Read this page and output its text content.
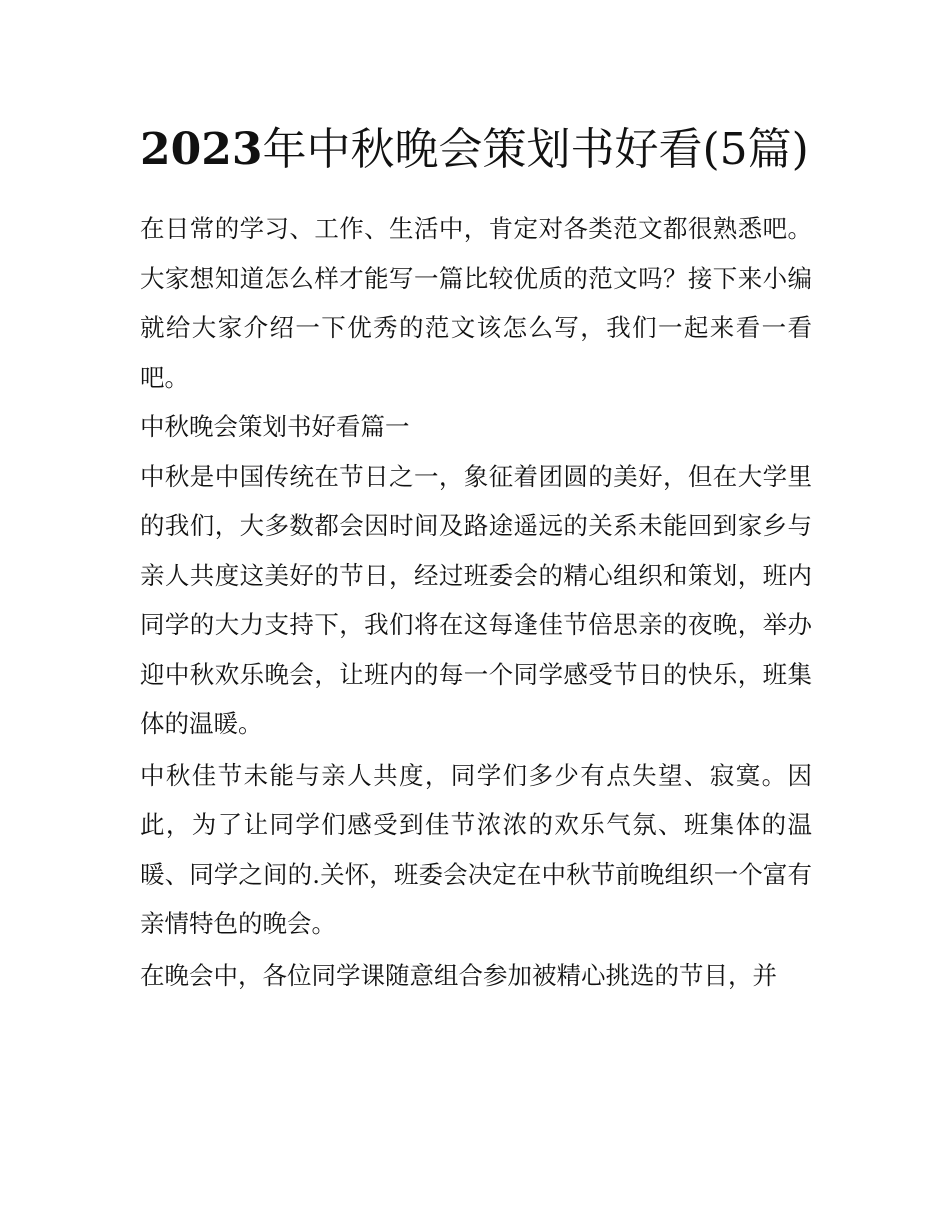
2023年中秋晚会策划书好看(5篇)

在日常的学习、工作、生活中，肯定对各类范文都很熟悉吧。大家想知道怎么样才能写一篇比较优质的范文吗？接下来小编就给大家介绍一下优秀的范文该怎么写，我们一起来看一看吧。

中秋晚会策划书好看篇一

中秋是中国传统在节日之一，象征着团圆的美好，但在大学里的我们，大多数都会因时间及路途遥远的关系未能回到家乡与亲人共度这美好的节日，经过班委会的精心组织和策划，班内同学的大力支持下，我们将在这每逢佳节倍思亲的夜晚，举办迎中秋欢乐晚会，让班内的每一个同学感受节日的快乐，班集体的温暖。

中秋佳节未能与亲人共度，同学们多少有点失望、寂寞。因此，为了让同学们感受到佳节浓浓的欢乐气氛、班集体的温暖、同学之间的.关怀，班委会决定在中秋节前晚组织一个富有亲情特色的晚会。

在晚会中，各位同学课随意组合参加被精心挑选的节目，并
